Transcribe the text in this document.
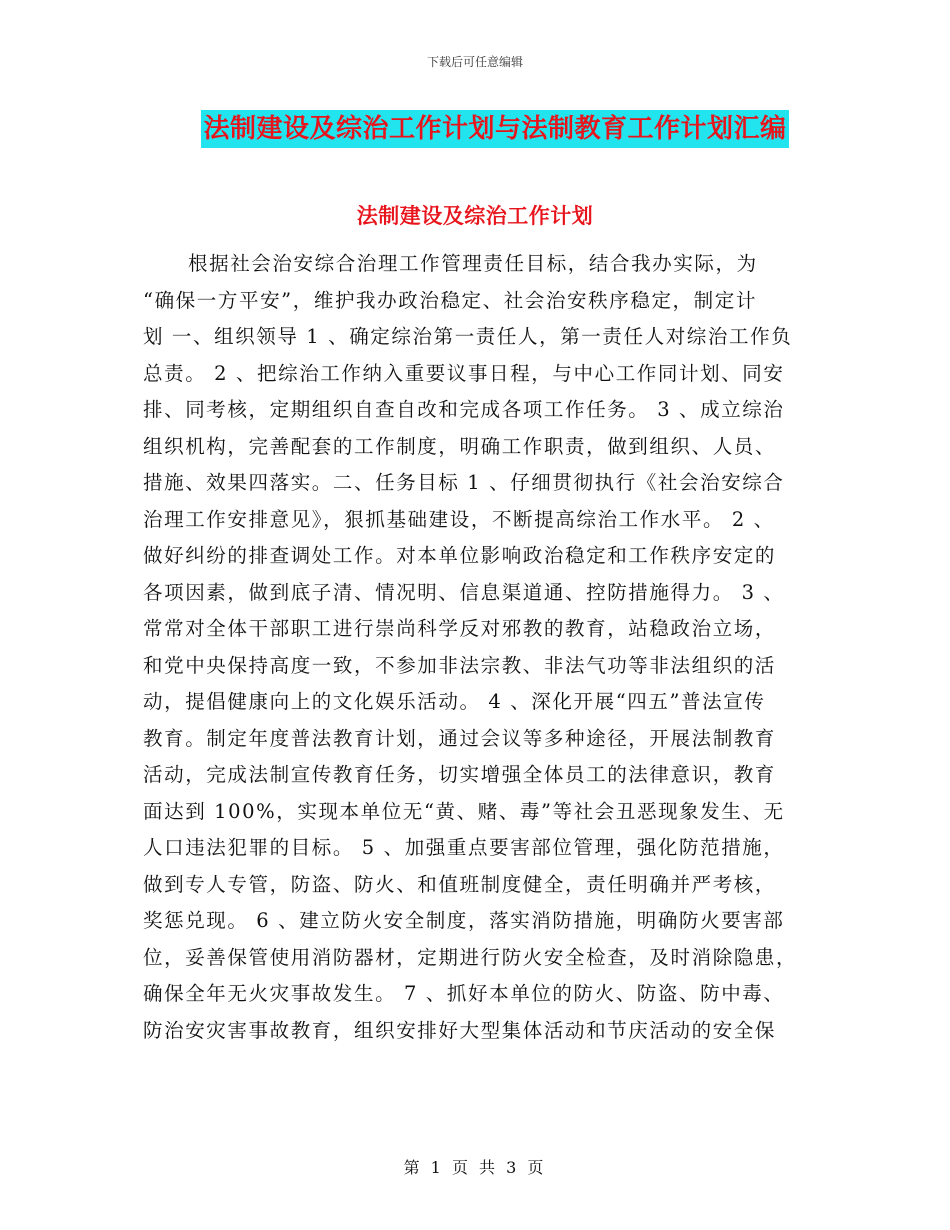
下载后可任意编辑
法制建设及综治工作计划与法制教育工作计划汇编
法制建设及综治工作计划
根据社会治安综合治理工作管理责任目标，结合我办实际，为
“确保一方平安”，维护我办政治稳定、社会治安秩序稳定，制定计
划 一、组织领导 1 、确定综治第一责任人，第一责任人对综治工作负
总责。 2 、把综治工作纳入重要议事日程，与中心工作同计划、同安
排、同考核，定期组织自查自改和完成各项工作任务。 3 、成立综治
组织机构，完善配套的工作制度，明确工作职责，做到组织、人员、
措施、效果四落实。二、任务目标 1 、仔细贯彻执行《社会治安综合
治理工作安排意见》，狠抓基础建设，不断提高综治工作水平。 2 、
做好纠纷的排查调处工作。对本单位影响政治稳定和工作秩序安定的
各项因素，做到底子清、情况明、信息渠道通、控防措施得力。 3 、
常常对全体干部职工进行崇尚科学反对邪教的教育，站稳政治立场，
和党中央保持高度一致，不参加非法宗教、非法气功等非法组织的活
动，提倡健康向上的文化娱乐活动。 4 、深化开展“四五”普法宣传
教育。制定年度普法教育计划，通过会议等多种途径，开展法制教育
活动，完成法制宣传教育任务，切实增强全体员工的法律意识，教育
面达到 100%，实现本单位无“黄、赌、毒”等社会丑恶现象发生、无
人口违法犯罪的目标。 5 、加强重点要害部位管理，强化防范措施，
做到专人专管，防盗、防火、和值班制度健全，责任明确并严考核，
奖惩兑现。 6 、建立防火安全制度，落实消防措施，明确防火要害部
位，妥善保管使用消防器材，定期进行防火安全检查，及时消除隐患，
确保全年无火灾事故发生。 7 、抓好本单位的防火、防盗、防中毒、
防治安灾害事故教育，组织安排好大型集体活动和节庆活动的安全保
第 1 页 共 3 页
